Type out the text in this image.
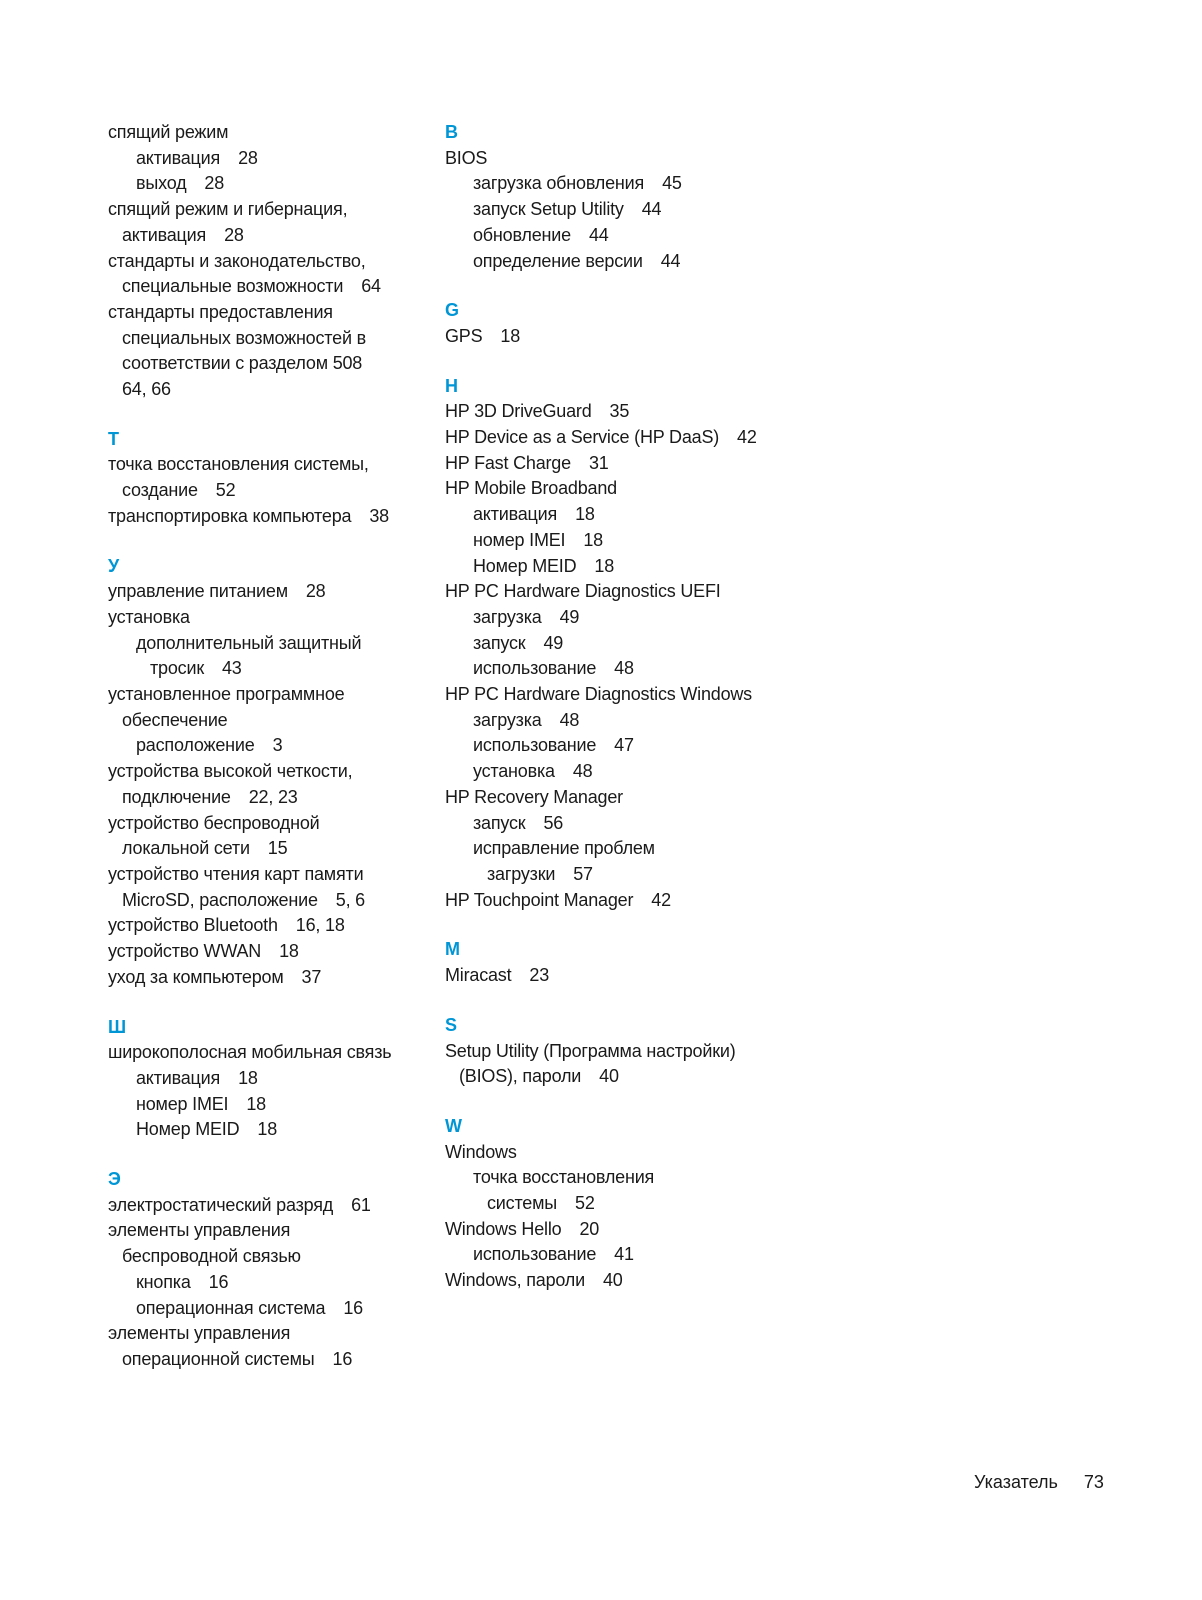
спящий режим
активация 28
выход 28
спящий режим и гибернация,
активация 28
стандарты и законодательство,
специальные возможности 64
стандарты предоставления
специальных возможностей в
соответствии с разделом 508
64, 66
Т
точка восстановления системы,
создание 52
транспортировка компьютера 38
У
управление питанием 28
установка
дополнительный защитный
тросик 43
установленное программное
обеспечение
расположение 3
устройства высокой четкости,
подключение 22, 23
устройство беспроводной
локальной сети 15
устройство чтения карт памяти
MicroSD, расположение 5, 6
устройство Bluetooth 16, 18
устройство WWAN 18
уход за компьютером 37
Ш
широкополосная мобильная связь
активация 18
номер IMEI 18
Номер MEID 18
Э
электростатический разряд 61
элементы управления
беспроводной связью
кнопка 16
операционная система 16
элементы управления
операционной системы 16
B
BIOS
загрузка обновления 45
запуск Setup Utility 44
обновление 44
определение версии 44
G
GPS 18
H
HP 3D DriveGuard 35
HP Device as a Service (HP DaaS) 42
HP Fast Charge 31
HP Mobile Broadband
активация 18
номер IMEI 18
Номер MEID 18
HP PC Hardware Diagnostics UEFI
загрузка 49
запуск 49
использование 48
HP PC Hardware Diagnostics Windows
загрузка 48
использование 47
установка 48
HP Recovery Manager
запуск 56
исправление проблем
загрузки 57
HP Touchpoint Manager 42
M
Miracast 23
S
Setup Utility (Программа настройки)
(BIOS), пароли 40
W
Windows
точка восстановления
системы 52
Windows Hello 20
использование 41
Windows, пароли 40
Указатель 73
